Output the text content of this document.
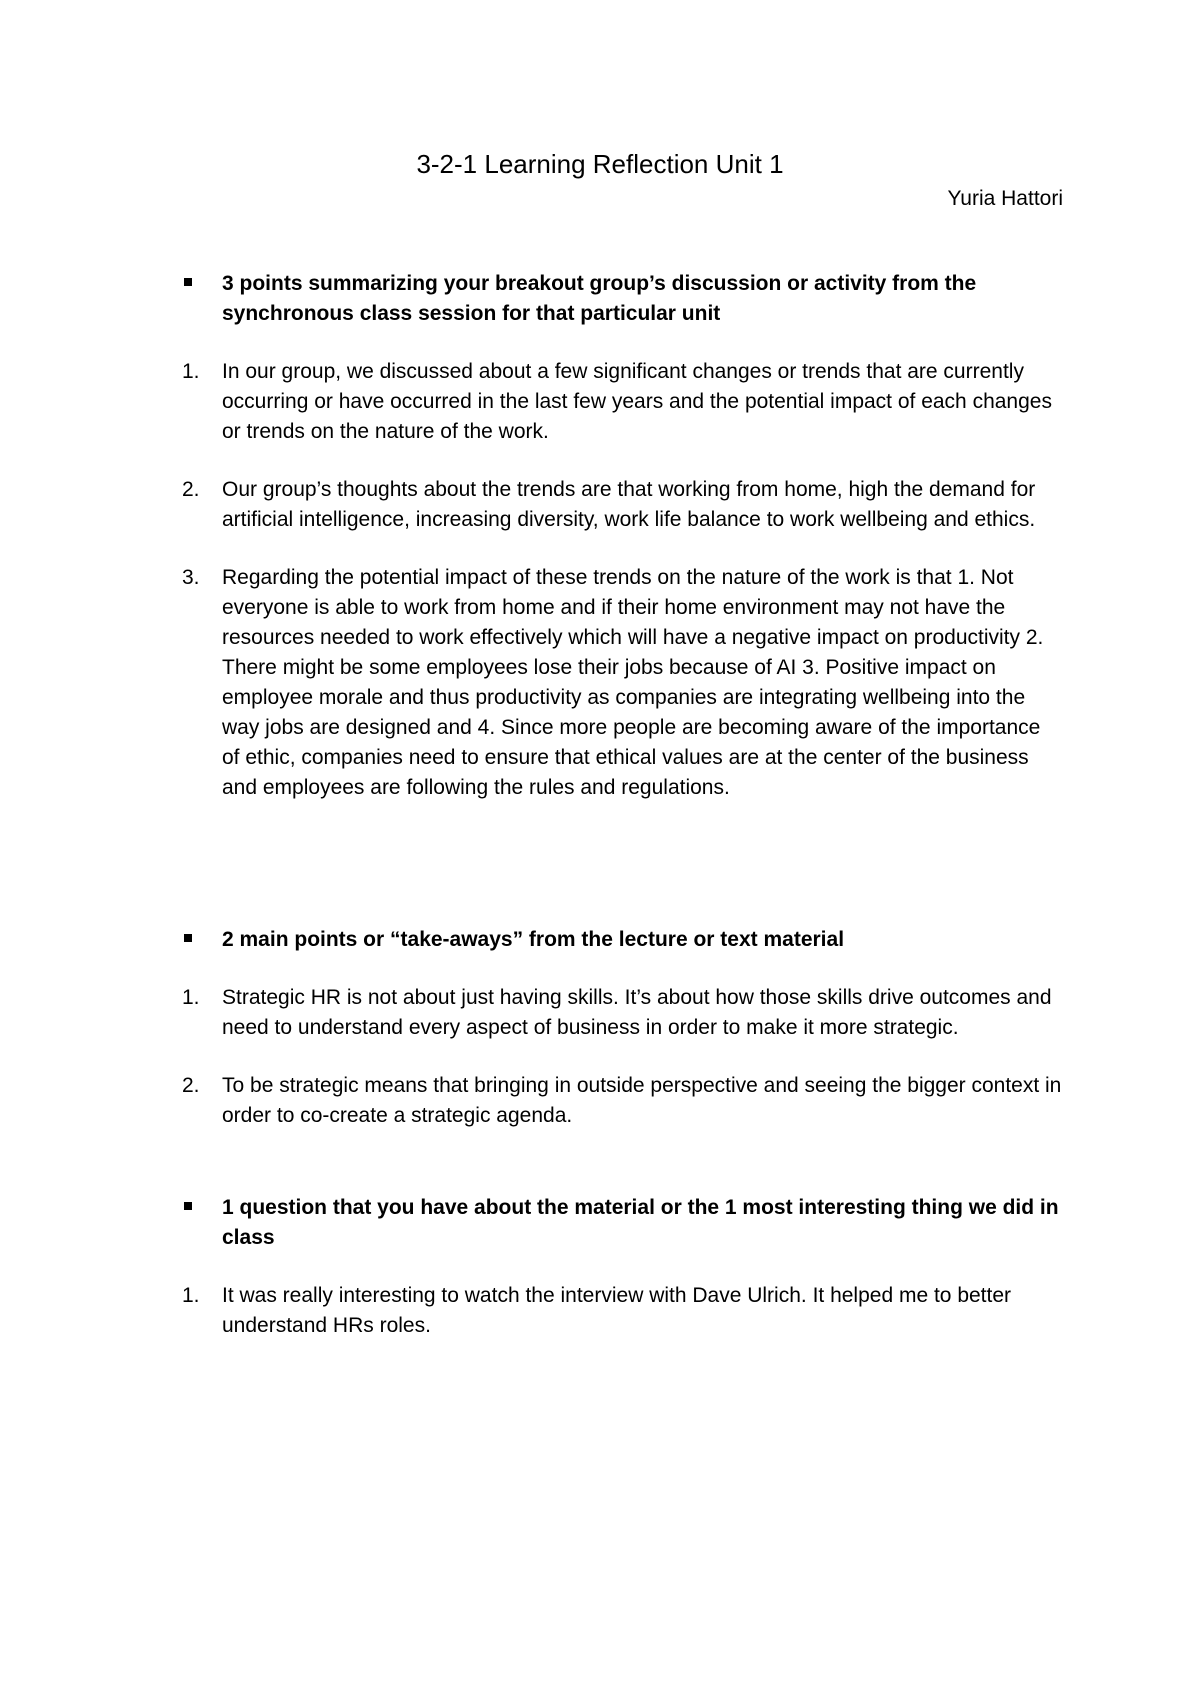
3-2-1 Learning Reflection Unit 1
Yuria Hattori
3 points summarizing your breakout group’s discussion or activity from the synchronous class session for that particular unit
1. In our group, we discussed about a few significant changes or trends that are currently occurring or have occurred in the last few years and the potential impact of each changes or trends on the nature of the work.
2. Our group’s thoughts about the trends are that working from home, high the demand for artificial intelligence, increasing diversity, work life balance to work wellbeing and ethics.
3. Regarding the potential impact of these trends on the nature of the work is that 1. Not everyone is able to work from home and if their home environment may not have the resources needed to work effectively which will have a negative impact on productivity 2. There might be some employees lose their jobs because of AI 3. Positive impact on employee morale and thus productivity as companies are integrating wellbeing into the way jobs are designed and 4. Since more people are becoming aware of the importance of ethic, companies need to ensure that ethical values are at the center of the business and employees are following the rules and regulations.
2 main points or “take-aways” from the lecture or text material
1. Strategic HR is not about just having skills. It’s about how those skills drive outcomes and need to understand every aspect of business in order to make it more strategic.
2. To be strategic means that bringing in outside perspective and seeing the bigger context in order to co-create a strategic agenda.
1 question that you have about the material or the 1 most interesting thing we did in class
1. It was really interesting to watch the interview with Dave Ulrich. It helped me to better understand HRs roles.
